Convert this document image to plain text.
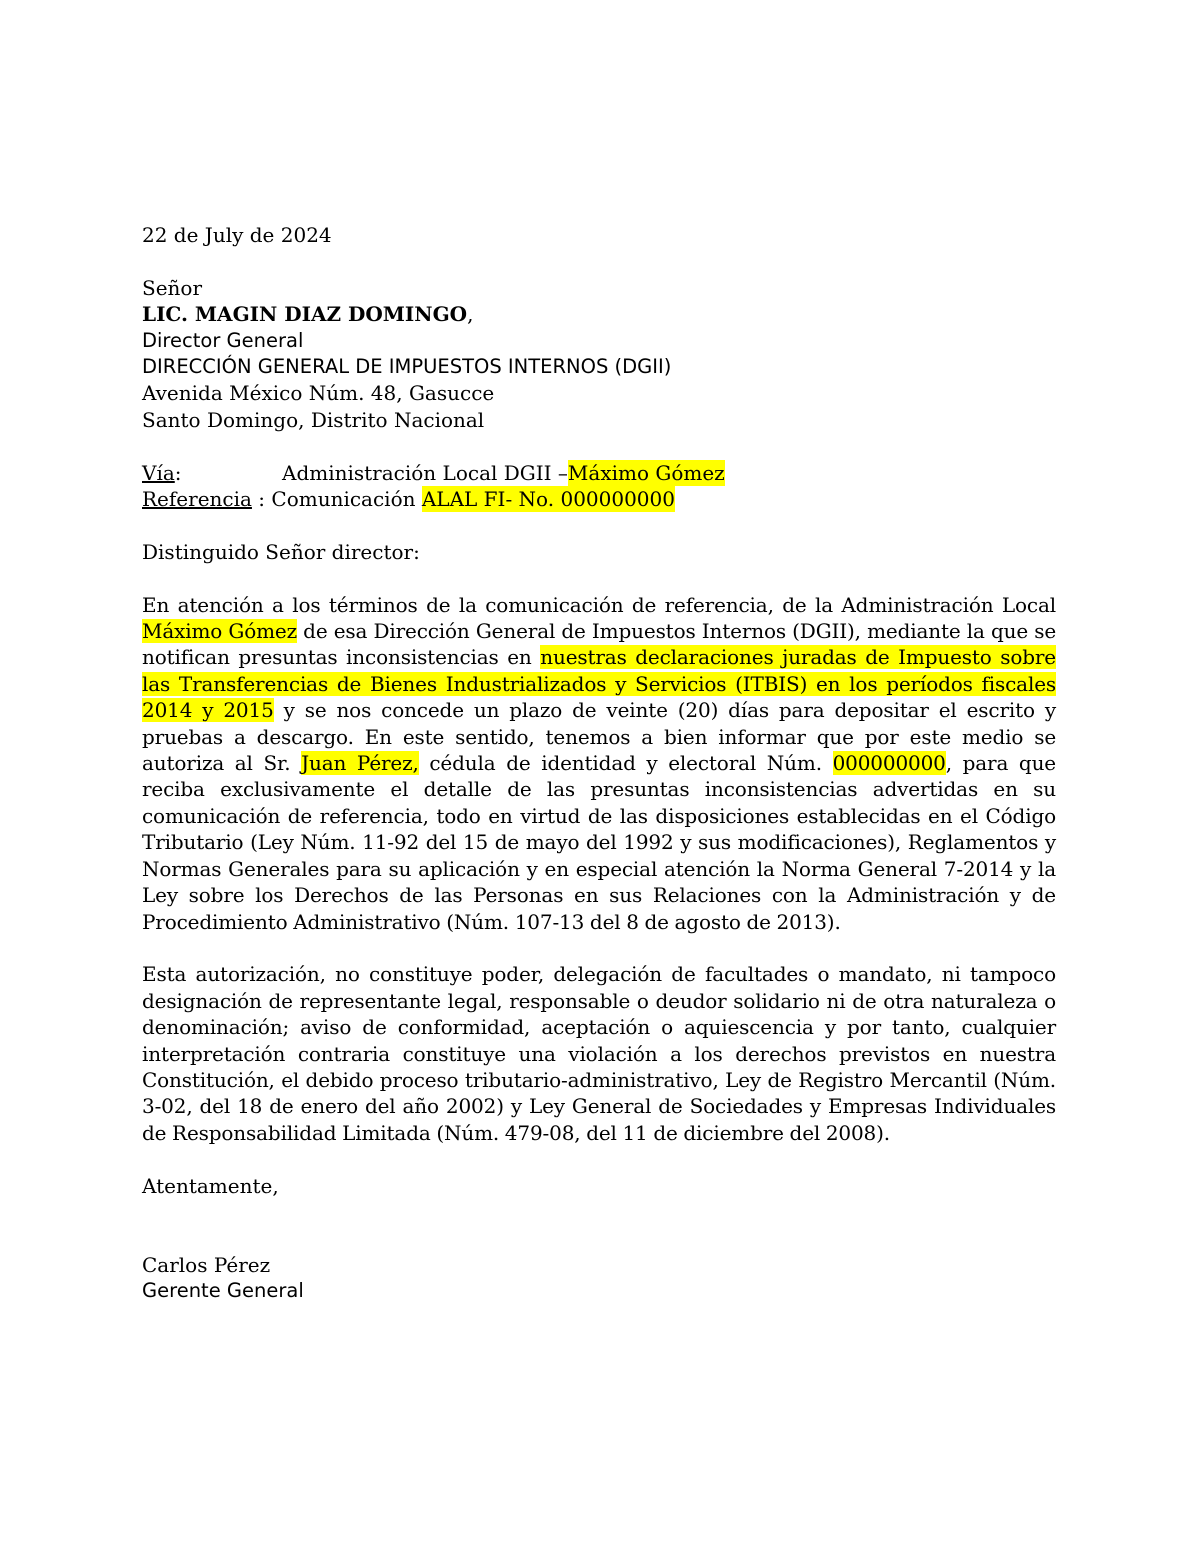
22 de July de 2024

Señor

LIC. MAGIN DIAZ DOMINGO,

Director General

DIRECCIÓN GENERAL DE IMPUESTOS INTERNOS (DGII)

Avenida México Núm. 48, Gasucce

Santo Domingo, Distrito Nacional

Vía:	Administración Local DGII – Máximo Gómez

Referencia : Comunicación ALAL FI- No. 000000000

Distinguido Señor director:

En atención a los términos de la comunicación de referencia, de la Administración Local Máximo Gómez de esa Dirección General de Impuestos Internos (DGII), mediante la que se notifican presuntas inconsistencias en nuestras declaraciones juradas de Impuesto sobre las Transferencias de Bienes Industrializados y Servicios (ITBIS) en los períodos fiscales 2014 y 2015 y se nos concede un plazo de veinte (20) días para depositar el escrito y pruebas a descargo. En este sentido, tenemos a bien informar que por este medio se autoriza al Sr. Juan Pérez, cédula de identidad y electoral Núm. 000000000, para que reciba exclusivamente el detalle de las presuntas inconsistencias advertidas en su comunicación de referencia, todo en virtud de las disposiciones establecidas en el Código Tributario (Ley Núm. 11-92 del 15 de mayo del 1992 y sus modificaciones), Reglamentos y Normas Generales para su aplicación y en especial atención la Norma General 7-2014 y la Ley sobre los Derechos de las Personas en sus Relaciones con la Administración y de Procedimiento Administrativo (Núm. 107-13 del 8 de agosto de 2013).

Esta autorización, no constituye poder, delegación de facultades o mandato, ni tampoco designación de representante legal, responsable o deudor solidario ni de otra naturaleza o denominación; aviso de conformidad, aceptación o aquiescencia y por tanto, cualquier interpretación contraria constituye una violación a los derechos previstos en nuestra Constitución, el debido proceso tributario-administrativo, Ley de Registro Mercantil (Núm. 3-02, del 18 de enero del año 2002) y Ley General de Sociedades y Empresas Individuales de Responsabilidad Limitada (Núm. 479-08, del 11 de diciembre del 2008).

Atentamente,

Carlos Pérez

Gerente General
